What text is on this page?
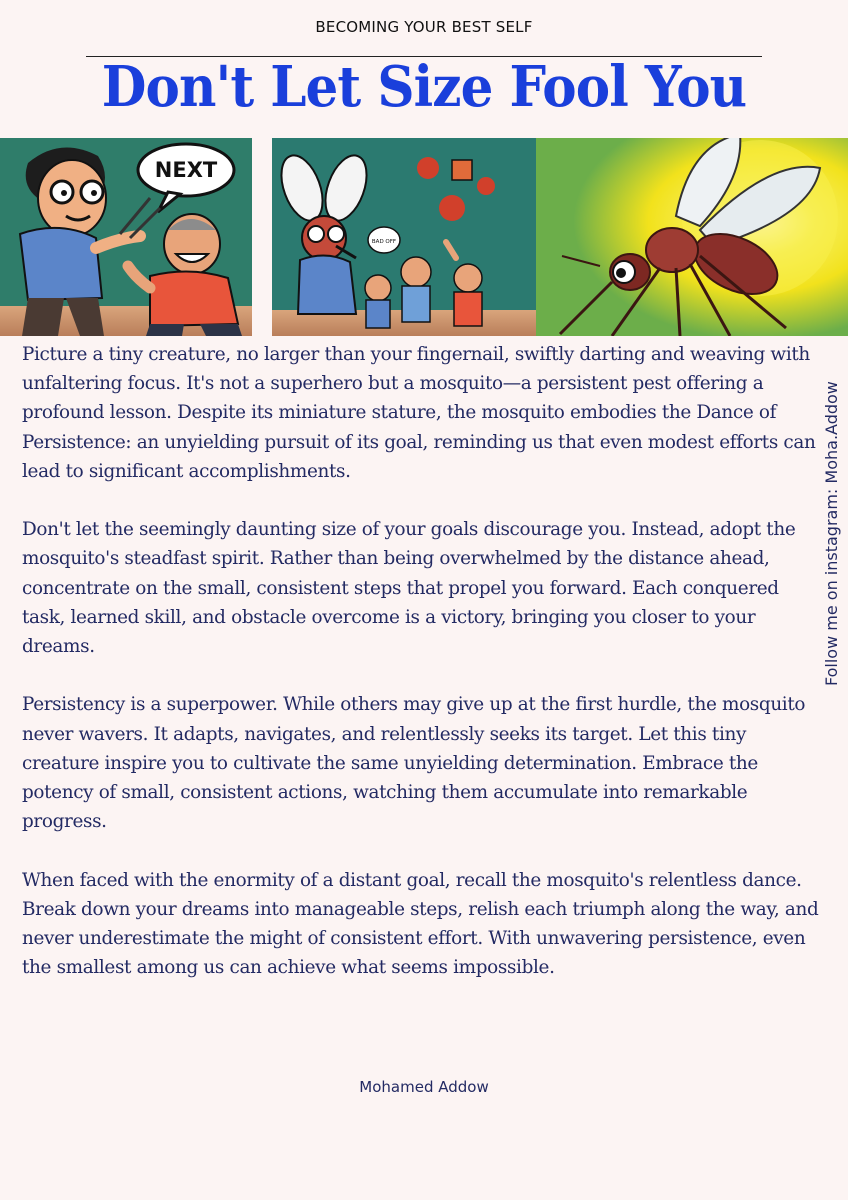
BECOMING YOUR BEST SELF
Don't Let Size Fool You
NEXT
BAD OFF

Picture a tiny creature, no larger than your fingernail, swiftly darting and weaving with unfaltering focus. It's not a superhero but a mosquito—a persistent pest offering a profound lesson. Despite its miniature stature, the mosquito embodies the Dance of Persistence: an unyielding pursuit of its goal, reminding us that even modest efforts can lead to significant accomplishments.

Don't let the seemingly daunting size of your goals discourage you. Instead, adopt the mosquito's steadfast spirit. Rather than being overwhelmed by the distance ahead, concentrate on the small, consistent steps that propel you forward. Each conquered task, learned skill, and obstacle overcome is a victory, bringing you closer to your dreams.

Persistency is a superpower. While others may give up at the first hurdle, the mosquito never wavers. It adapts, navigates, and relentlessly seeks its target. Let this tiny creature inspire you to cultivate the same unyielding determination. Embrace the potency of small, consistent actions, watching them accumulate into remarkable progress.

When faced with the enormity of a distant goal, recall the mosquito's relentless dance. Break down your dreams into manageable steps, relish each triumph along the way, and never underestimate the might of consistent effort. With unwavering persistence, even the smallest among us can achieve what seems impossible.

Mohamed Addow
Follow me on instagram: Moha.Addow
